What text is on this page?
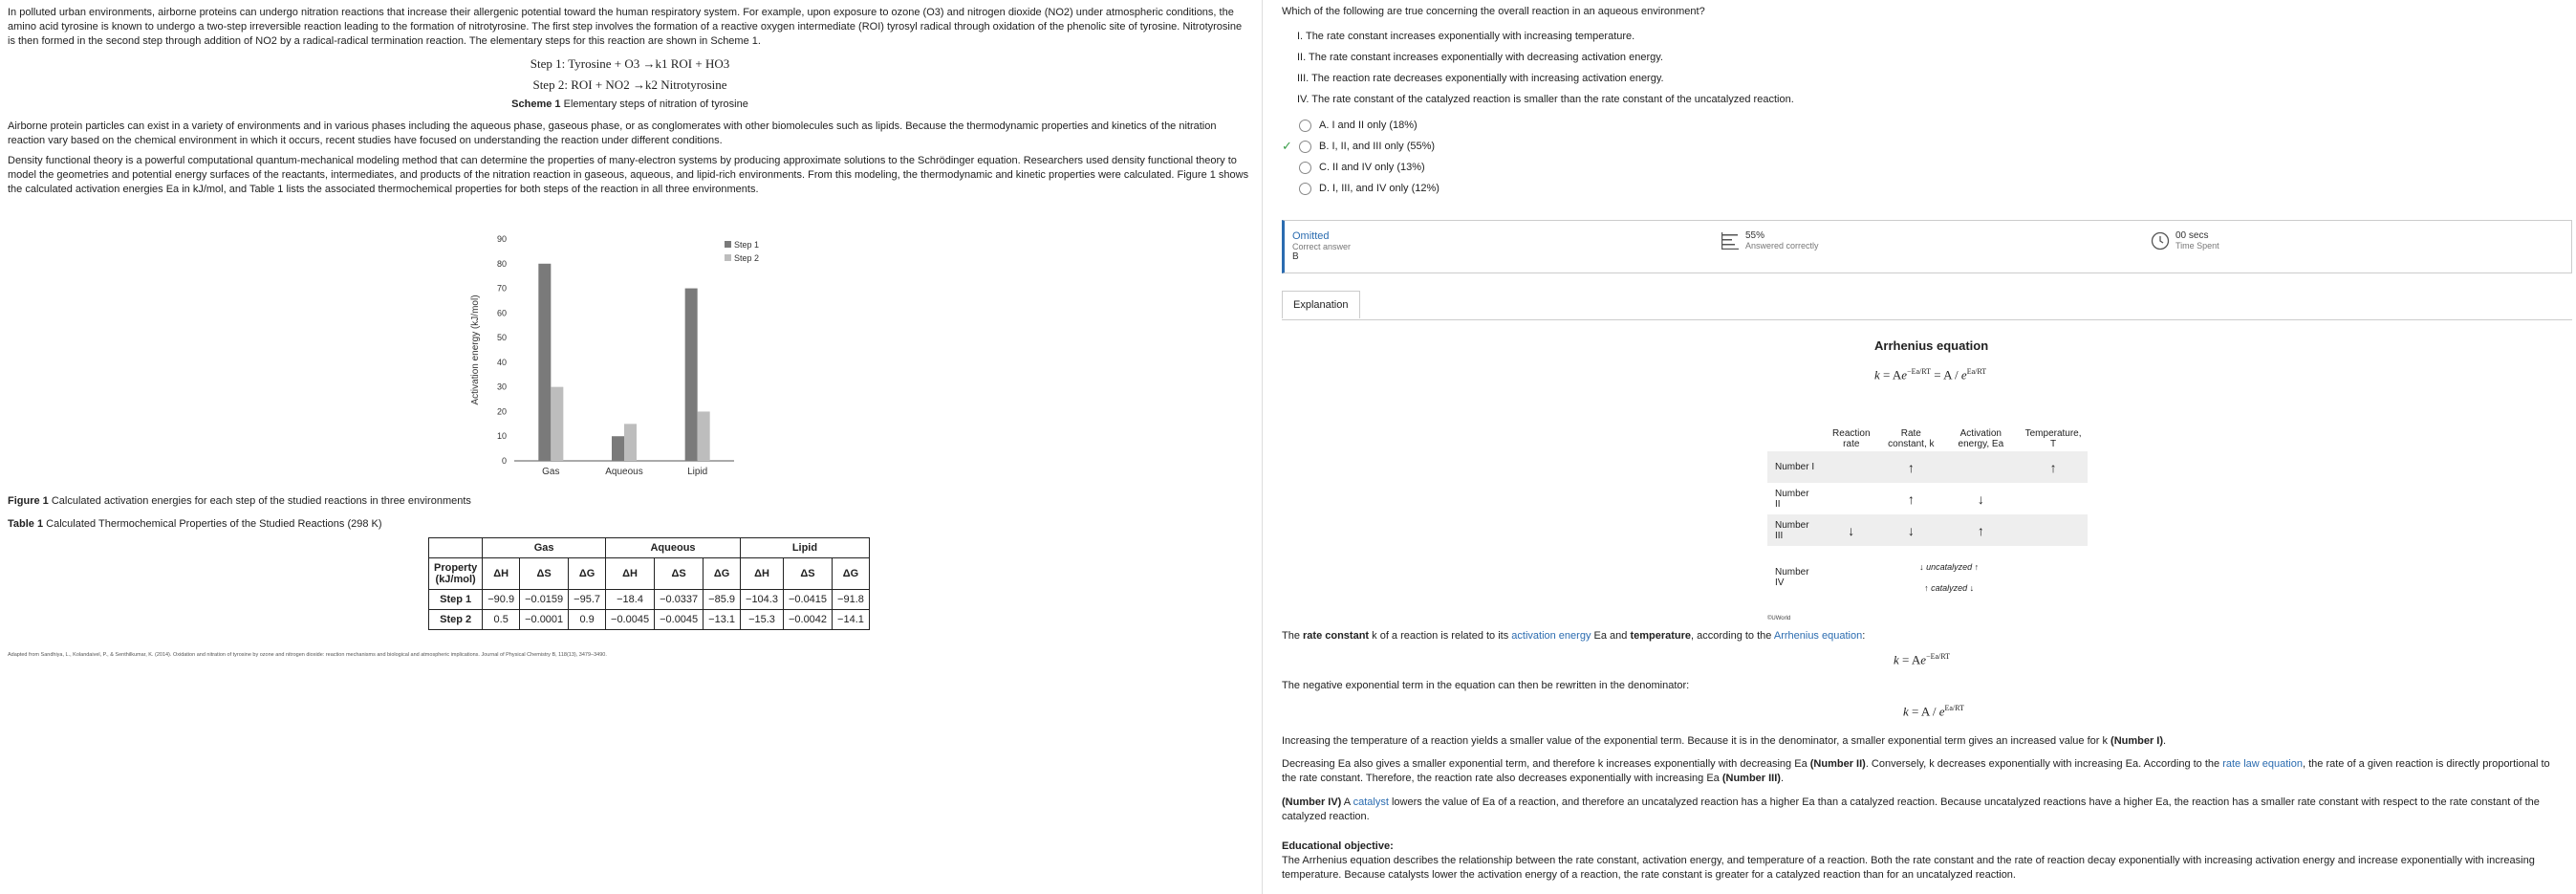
In polluted urban environments, airborne proteins can undergo nitration reactions that increase their allergenic potential toward the human respiratory system. For example, upon exposure to ozone (O3) and nitrogen dioxide (NO2) under atmospheric conditions, the amino acid tyrosine is known to undergo a two-step irreversible reaction leading to the formation of nitrotyrosine. The first step involves the formation of a reactive oxygen intermediate (ROI) tyrosyl radical through oxidation of the phenolic site of tyrosine. Nitrotyrosine is then formed in the second step through addition of NO2 by a radical-radical termination reaction. The elementary steps for this reaction are shown in Scheme 1.

Step 1: Tyrosine + O3 →k1 ROI + HO3
Step 2: ROI + NO2 →k2 Nitrotyrosine
Scheme 1 Elementary steps of nitration of tyrosine

Airborne protein particles can exist in a variety of environments and in various phases including the aqueous phase, gaseous phase, or as conglomerates with other biomolecules such as lipids. Because the thermodynamic properties and kinetics of the nitration reaction vary based on the chemical environment in which it occurs, recent studies have focused on understanding the reaction under different conditions.

Density functional theory is a powerful computational quantum-mechanical modeling method that can determine the properties of many-electron systems by producing approximate solutions to the Schrödinger equation. Researchers used density functional theory to model the geometries and potential energy surfaces of the reactants, intermediates, and products of the nitration reaction in gaseous, aqueous, and lipid-rich environments. From this modeling, the thermodynamic and kinetic properties were calculated. Figure 1 shows the calculated activation energies Ea in kJ/mol, and Table 1 lists the associated thermochemical properties for both steps of the reaction in all three environments.

0
10
20
30
40
50
60
70
80
90
Activation energy (kJ/mol)
Gas	Aqueous	Lipid
Step 1
Step 2
Figure 1 Calculated activation energies for each step of the studied reactions in three environments
Table 1 Calculated Thermochemical Properties of the Studied Reactions (298 K)
	Gas			Aqueous			Lipid		
Property (kJ/mol)	ΔH	ΔS	ΔG	ΔH	ΔS	ΔG	ΔH	ΔS	ΔG
Step 1	−90.9	−0.0159	−95.7	−18.4	−0.0337	−85.9	−104.3	−0.0415	−91.8
Step 2	0.5	−0.0001	0.9	−0.0045	−0.0045	−13.1	−15.3	−0.0042	−14.1
Adapted from Sandhiya, L., Kolandaivel, P., & Senthilkumar, K. (2014). Oxidation and nitration of tyrosine by ozone and nitrogen dioxide: reaction mechanisms and biological and atmospheric implications. Journal of Physical Chemistry B, 118(13), 3479–3490.
Which of the following are true concerning the overall reaction in an aqueous environment?
I. The rate constant increases exponentially with increasing temperature.
II. The rate constant increases exponentially with decreasing activation energy.
III. The reaction rate decreases exponentially with increasing activation energy.
IV. The rate constant of the catalyzed reaction is smaller than the rate constant of the uncatalyzed reaction.
A. I and II only (18%)
✓	B. I, II, and III only (55%)
C. II and IV only (13%)
D. I, III, and IV only (12%)
Omitted
Correct answer
B
55%
Answered correctly
00 secs
Time Spent
Explanation
Arrhenius equation
$k = Ae^{-Ea/RT} = A / e^{Ea/RT}$
	Reaction rate	Rate constant, k	Activation energy, Ea	Temperature, T
Number I		↑		↑
Number II		↑	↓	
Number III	↓	↓	↑	
Number IV		↓ uncatalyzed ↑
↑ catalyzed ↓		

©UWorld

The rate constant k of a reaction is related to its activation energy Ea and temperature, according to the Arrhenius equation:

$k = Ae^{-Ea/RT}$

The negative exponential term in the equation can then be rewritten in the denominator:

$k = A / e^{Ea/RT}$

Increasing the temperature of a reaction yields a smaller value of the exponential term. Because it is in the denominator, a smaller exponential term gives an increased value for k (Number I).

Decreasing Ea also gives a smaller exponential term, and therefore k increases exponentially with decreasing Ea (Number II). Conversely, k decreases exponentially with increasing Ea. According to the rate law equation, the rate of a given reaction is directly proportional to the rate constant. Therefore, the reaction rate also decreases exponentially with increasing Ea (Number III).

(Number IV) A catalyst lowers the value of Ea of a reaction, and therefore an uncatalyzed reaction has a higher Ea than a catalyzed reaction. Because uncatalyzed reactions have a higher Ea, the reaction has a smaller rate constant with respect to the rate constant of the catalyzed reaction.

Educational objective:
The Arrhenius equation describes the relationship between the rate constant, activation energy, and temperature of a reaction. Both the rate constant and the rate of reaction decay exponentially with increasing activation energy and increase exponentially with increasing temperature. Because catalysts lower the activation energy of a reaction, the rate constant is greater for a catalyzed reaction than for an uncatalyzed reaction.
